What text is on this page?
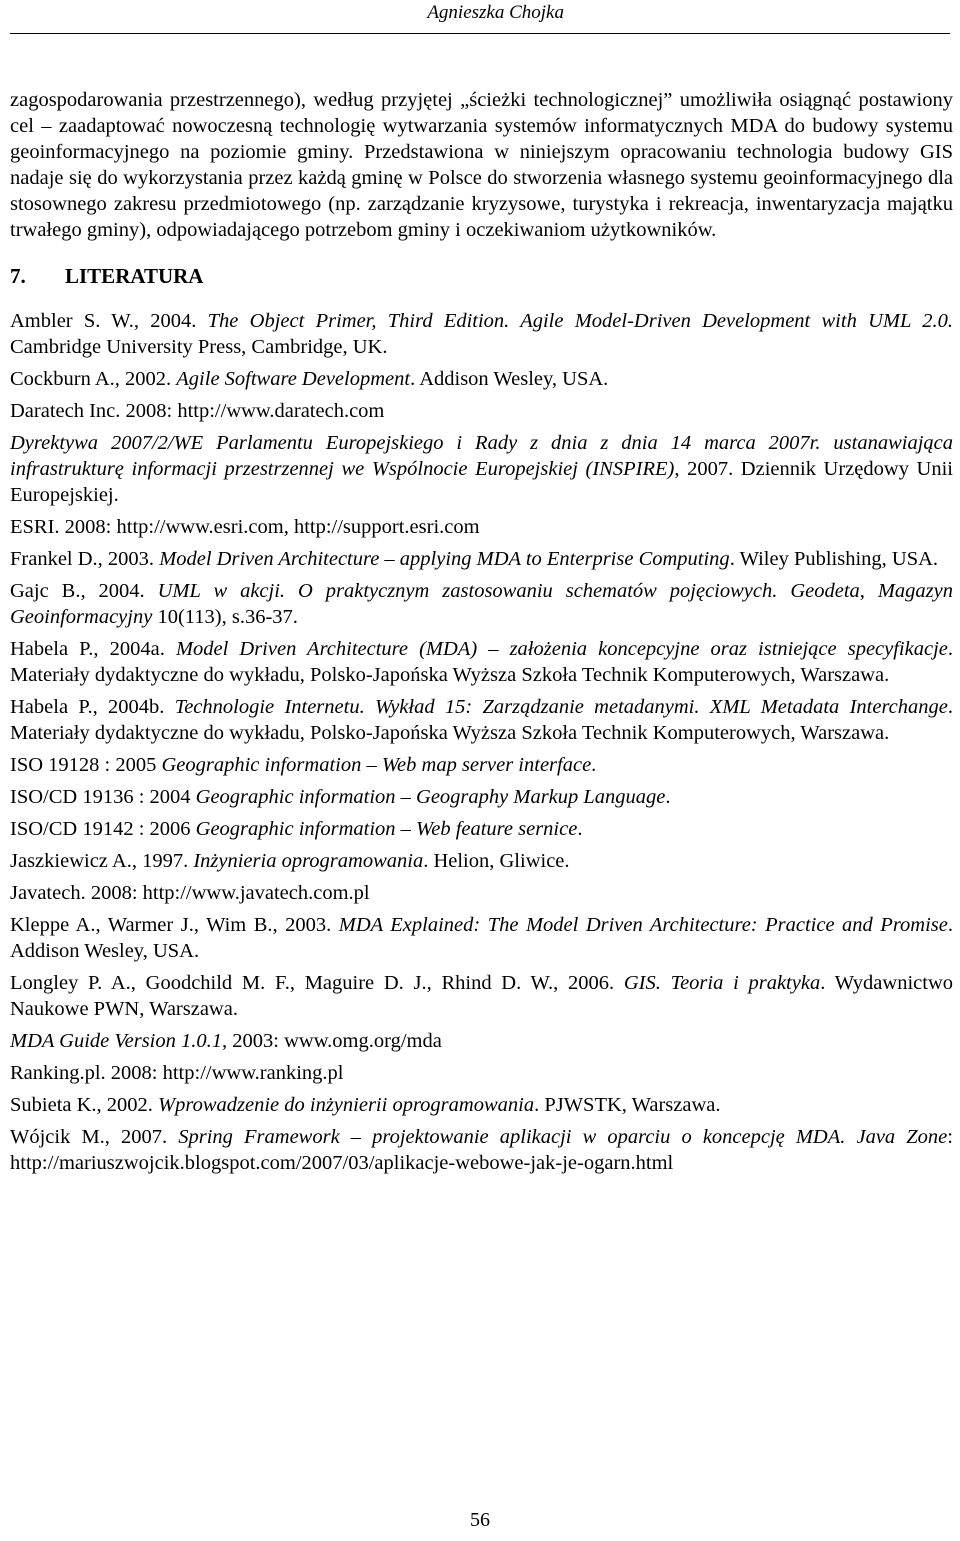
Agnieszka Chojka

zagospodarowania przestrzennego), według przyjętej „ścieżki technologicznej” umożliwiła osiągnąć postawiony cel – zaadaptować nowoczesną technologię wytwarzania systemów informatycznych MDA do budowy systemu geoinformacyjnego na poziomie gminy. Przedstawiona w niniejszym opracowaniu technologia budowy GIS nadaje się do wykorzystania przez każdą gminę w Polsce do stworzenia własnego systemu geoinformacyjnego dla stosownego zakresu przedmiotowego (np. zarządzanie kryzysowe, turystyka i rekreacja, inwentaryzacja majątku trwałego gminy), odpowiadającego potrzebom gminy i oczekiwaniom użytkowników.

7. LITERATURA

Ambler S. W., 2004. The Object Primer, Third Edition. Agile Model-Driven Development with UML 2.0. Cambridge University Press, Cambridge, UK.

Cockburn A., 2002. Agile Software Development. Addison Wesley, USA.

Daratech Inc. 2008: http://www.daratech.com

Dyrektywa 2007/2/WE Parlamentu Europejskiego i Rady z dnia z dnia 14 marca 2007r. ustanawiająca infrastrukturę informacji przestrzennej we Wspólnocie Europejskiej (INSPIRE), 2007. Dziennik Urzędowy Unii Europejskiej.

ESRI. 2008: http://www.esri.com, http://support.esri.com

Frankel D., 2003. Model Driven Architecture – applying MDA to Enterprise Computing. Wiley Publishing, USA.

Gajc B., 2004. UML w akcji. O praktycznym zastosowaniu schematów pojęciowych. Geodeta, Magazyn Geoinformacyjny 10(113), s.36-37.

Habela P., 2004a. Model Driven Architecture (MDA) – założenia koncepcyjne oraz istniejące specyfikacje. Materiały dydaktyczne do wykładu, Polsko-Japońska Wyższa Szkoła Technik Komputerowych, Warszawa.

Habela P., 2004b. Technologie Internetu. Wykład 15: Zarządzanie metadanymi. XML Metadata Interchange. Materiały dydaktyczne do wykładu, Polsko-Japońska Wyższa Szkoła Technik Komputerowych, Warszawa.

ISO 19128 : 2005 Geographic information – Web map server interface.

ISO/CD 19136 : 2004 Geographic information – Geography Markup Language.

ISO/CD 19142 : 2006 Geographic information – Web feature sernice.

Jaszkiewicz A., 1997. Inżynieria oprogramowania. Helion, Gliwice.

Javatech. 2008: http://www.javatech.com.pl

Kleppe A., Warmer J., Wim B., 2003. MDA Explained: The Model Driven Architecture: Practice and Promise. Addison Wesley, USA.

Longley P. A., Goodchild M. F., Maguire D. J., Rhind D. W., 2006. GIS. Teoria i praktyka. Wydawnictwo Naukowe PWN, Warszawa.

MDA Guide Version 1.0.1, 2003: www.omg.org/mda

Ranking.pl. 2008: http://www.ranking.pl

Subieta K., 2002. Wprowadzenie do inżynierii oprogramowania. PJWSTK, Warszawa.

Wójcik M., 2007. Spring Framework – projektowanie aplikacji w oparciu o koncepcję MDA. Java Zone: http://mariuszwojcik.blogspot.com/2007/03/aplikacje-webowe-jak-je-ogarn.html

56
